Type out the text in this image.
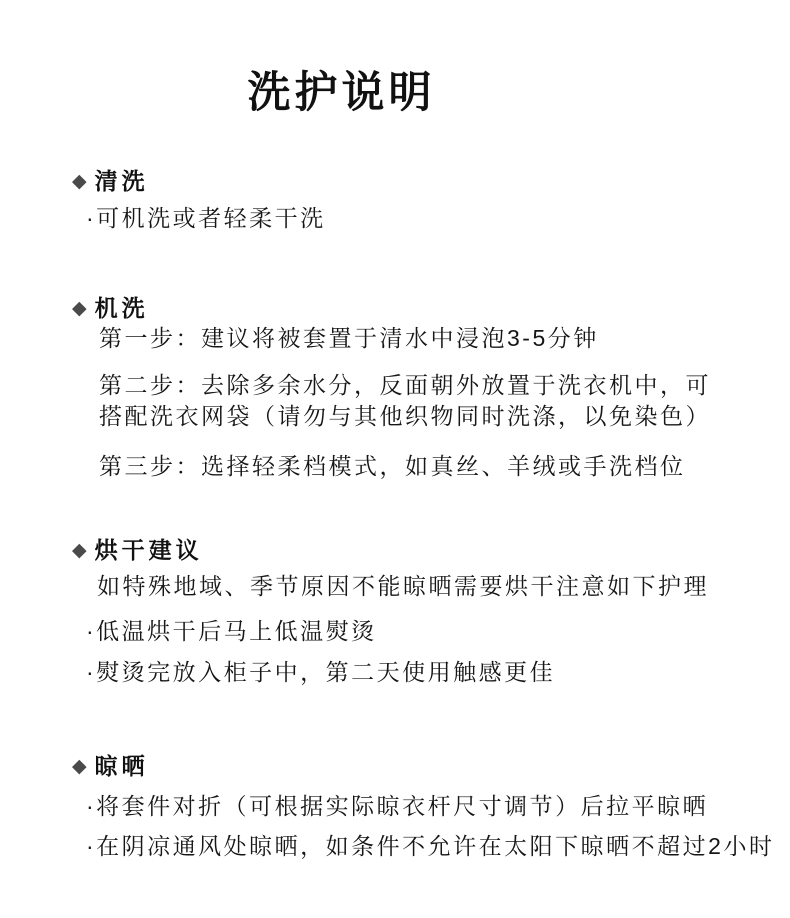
洗护说明
◆ 清洗

·可机洗或者轻柔干洗

◆ 机洗

第一步：建议将被套置于清水中浸泡3-5分钟

第二步：去除多余水分，反面朝外放置于洗衣机中，可搭配洗衣网袋（请勿与其他织物同时洗涤，以免染色）

第三步：选择轻柔档模式，如真丝、羊绒或手洗档位

◆ 烘干建议

如特殊地域、季节原因不能晾晒需要烘干注意如下护理

·低温烘干后马上低温熨烫

·熨烫完放入柜子中，第二天使用触感更佳

◆ 晾晒

·将套件对折（可根据实际晾衣杆尺寸调节）后拉平晾晒

·在阴凉通风处晾晒，如条件不允许在太阳下晾晒不超过2小时
